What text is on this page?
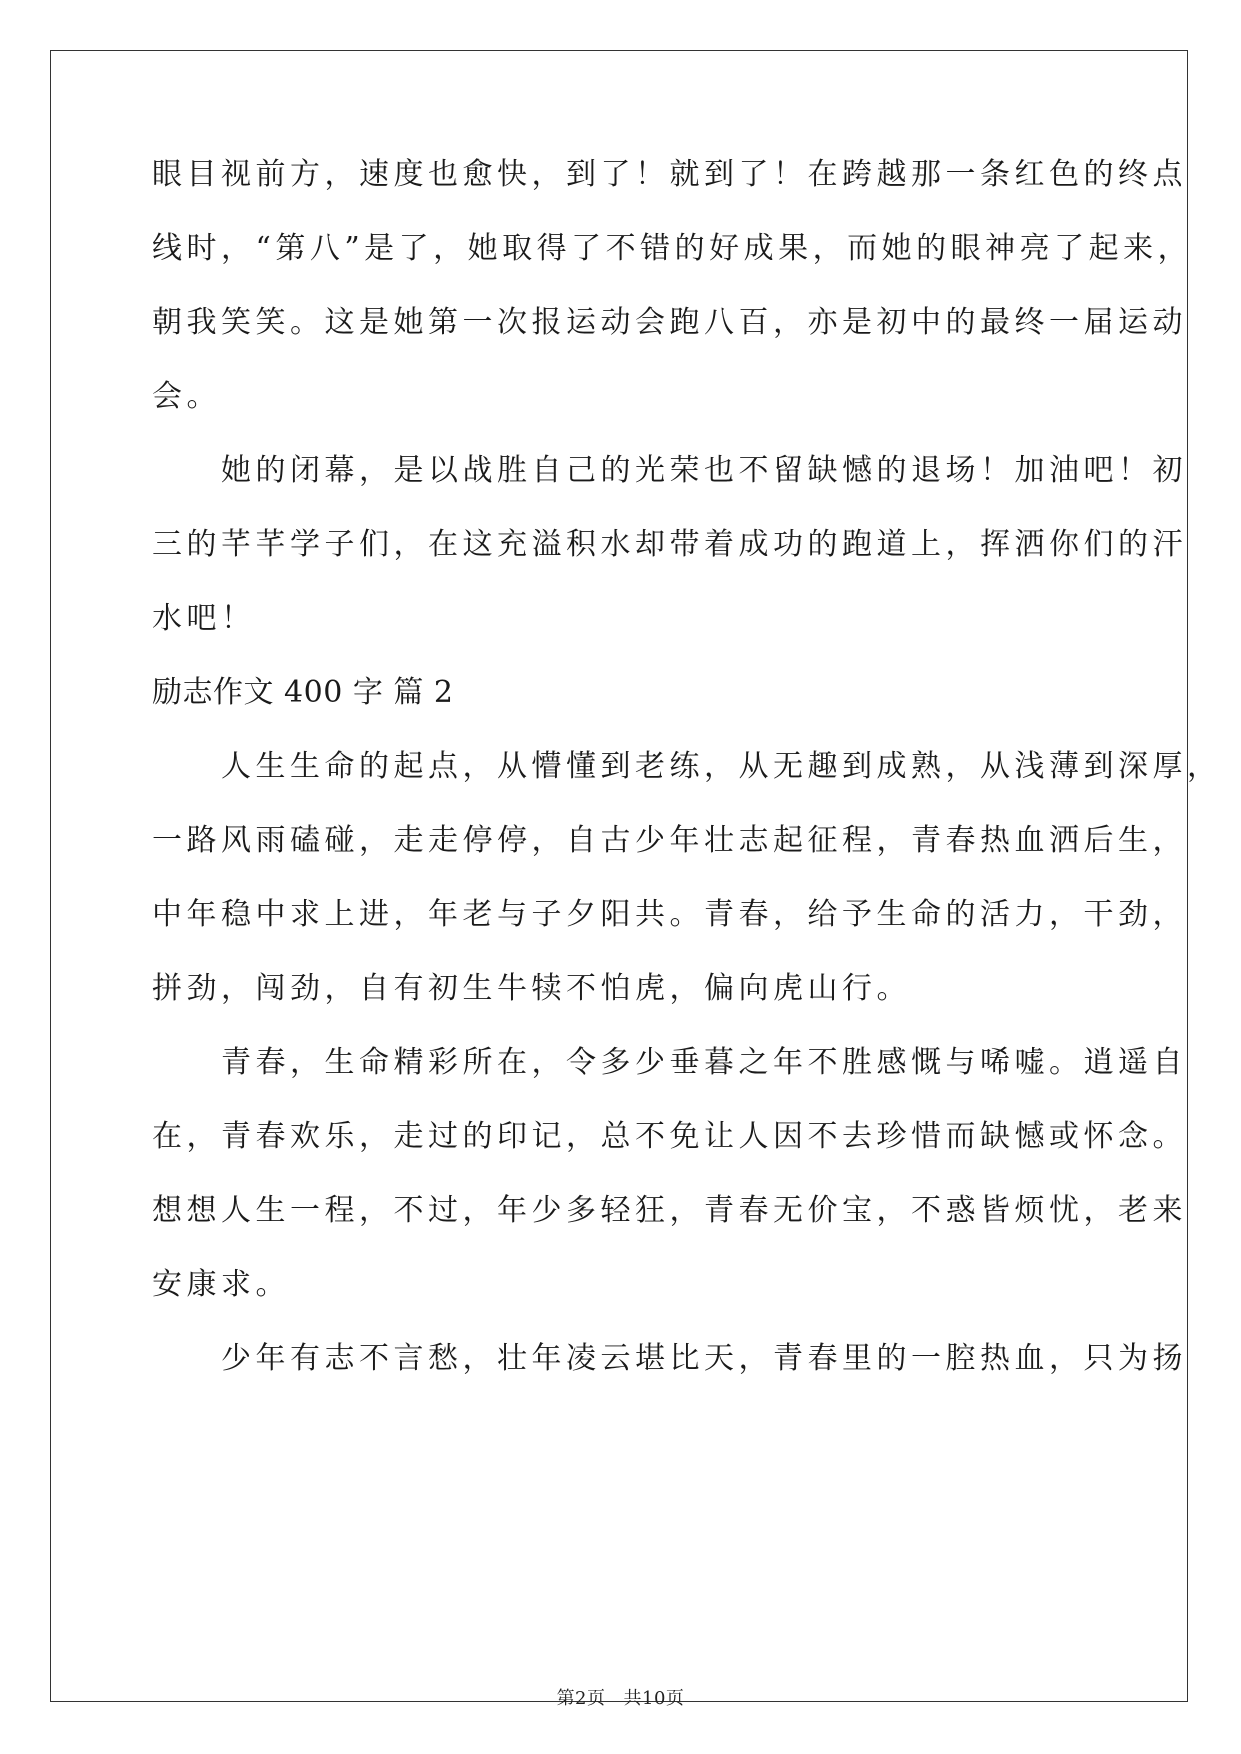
眼目视前方，速度也愈快，到了！就到了！在跨越那一条红色的终点
线时，“第八”是了，她取得了不错的好成果，而她的眼神亮了起来，
朝我笑笑。这是她第一次报运动会跑八百，亦是初中的最终一届运动
会。
　　她的闭幕，是以战胜自己的光荣也不留缺憾的退场！加油吧！初
三的芊芊学子们，在这充溢积水却带着成功的跑道上，挥洒你们的汗
水吧！
励志作文 400 字 篇 2
　　人生生命的起点，从懵懂到老练，从无趣到成熟，从浅薄到深厚，
一路风雨磕碰，走走停停，自古少年壮志起征程，青春热血洒后生，
中年稳中求上进，年老与子夕阳共。青春，给予生命的活力，干劲，
拼劲，闯劲，自有初生牛犊不怕虎，偏向虎山行。
　　青春，生命精彩所在，令多少垂暮之年不胜感慨与唏嘘。逍遥自
在，青春欢乐，走过的印记，总不免让人因不去珍惜而缺憾或怀念。
想想人生一程，不过，年少多轻狂，青春无价宝，不惑皆烦忧，老来
安康求。
　　少年有志不言愁，壮年凌云堪比天，青春里的一腔热血，只为扬
第2页 共10页
